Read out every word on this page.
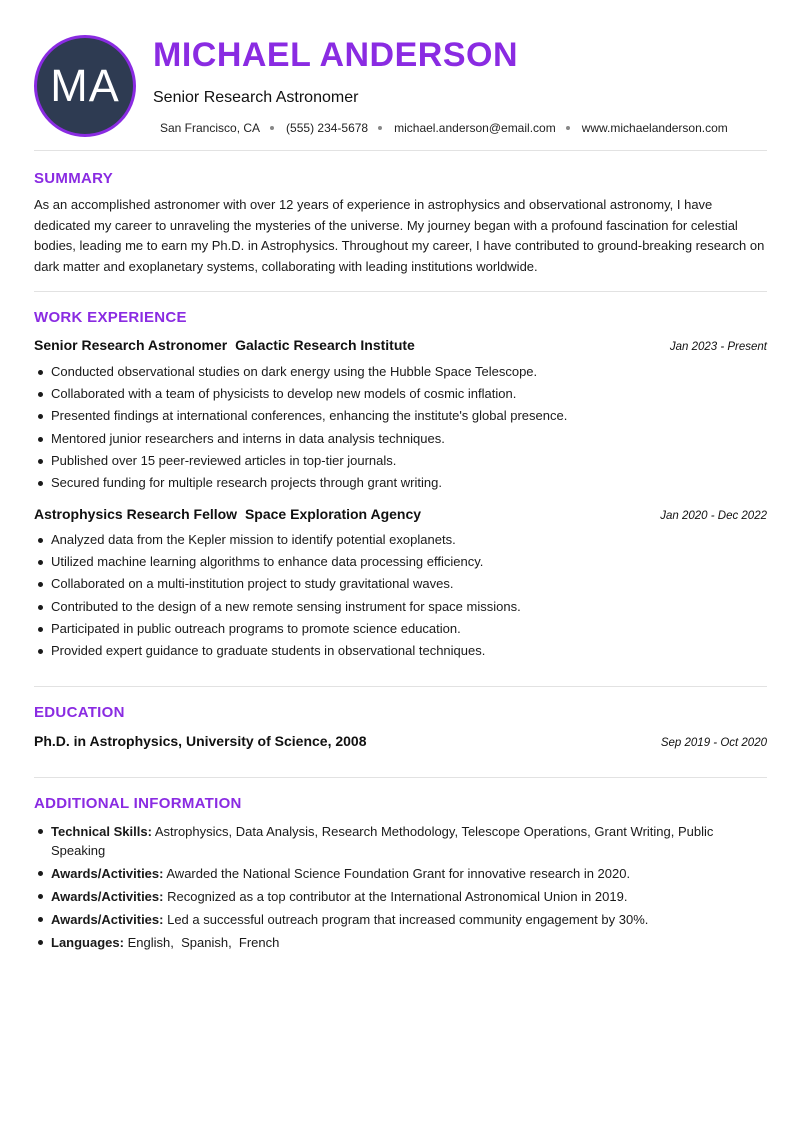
MA
MICHAEL ANDERSON
Senior Research Astronomer
San Francisco, CA (555) 234-5678 michael.anderson@email.com www.michaelanderson.com
SUMMARY

As an accomplished astronomer with over 12 years of experience in astrophysics and observational astronomy, I have dedicated my career to unraveling the mysteries of the universe. My journey began with a profound fascination for celestial bodies, leading me to earn my Ph.D. in Astrophysics. Throughout my career, I have contributed to ground-breaking research on dark matter and exoplanetary systems, collaborating with leading institutions worldwide.

WORK EXPERIENCE
Senior Research Astronomer Galactic Research Institute	Jan 2023 - Present
Conducted observational studies on dark energy using the Hubble Space Telescope.
Collaborated with a team of physicists to develop new models of cosmic inflation.
Presented findings at international conferences, enhancing the institute's global presence.
Mentored junior researchers and interns in data analysis techniques.
Published over 15 peer-reviewed articles in top-tier journals.
Secured funding for multiple research projects through grant writing.
Astrophysics Research Fellow Space Exploration Agency	Jan 2020 - Dec 2022
Analyzed data from the Kepler mission to identify potential exoplanets.
Utilized machine learning algorithms to enhance data processing efficiency.
Collaborated on a multi-institution project to study gravitational waves.
Contributed to the design of a new remote sensing instrument for space missions.
Participated in public outreach programs to promote science education.
Provided expert guidance to graduate students in observational techniques.
EDUCATION
Ph.D. in Astrophysics, University of Science, 2008	Sep 2019 - Oct 2020
ADDITIONAL INFORMATION
Technical Skills: Astrophysics, Data Analysis, Research Methodology, Telescope Operations, Grant Writing, Public Speaking
Awards/Activities: Awarded the National Science Foundation Grant for innovative research in 2020.
Awards/Activities: Recognized as a top contributor at the International Astronomical Union in 2019.
Awards/Activities: Led a successful outreach program that increased community engagement by 30%.
Languages: English , Spanish , French
